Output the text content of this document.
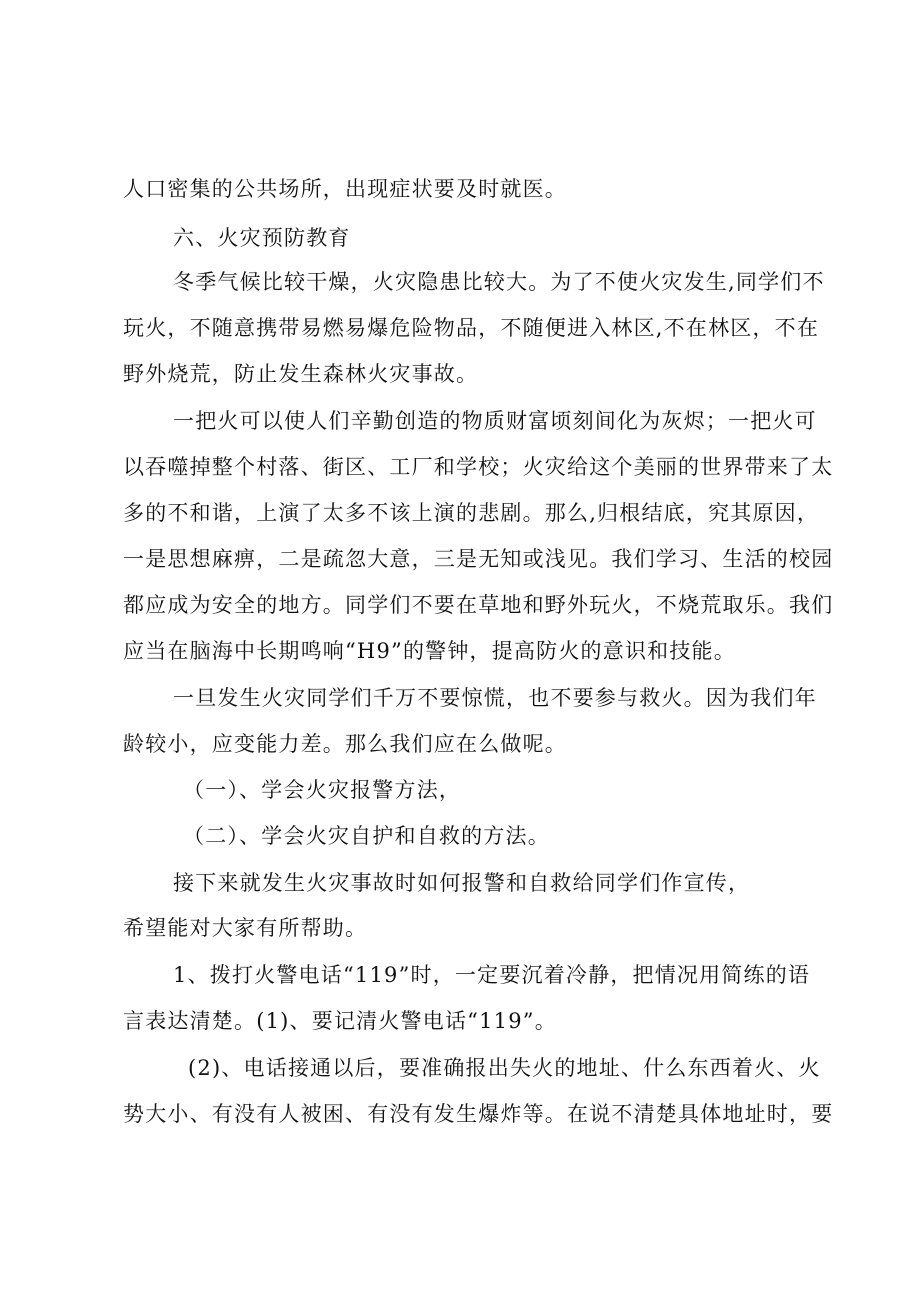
人口密集的公共场所，出现症状要及时就医。
六、火灾预防教育
冬季气候比较干燥，火灾隐患比较大。为了不使火灾发生,同学们不
玩火，不随意携带易燃易爆危险物品，不随便进入林区,不在林区，不在
野外烧荒，防止发生森林火灾事故。
一把火可以使人们辛勤创造的物质财富顷刻间化为灰烬；一把火可
以吞噬掉整个村落、街区、工厂和学校；火灾给这个美丽的世界带来了太
多的不和谐，上演了太多不该上演的悲剧。那么,归根结底，究其原因，
一是思想麻痹，二是疏忽大意，三是无知或浅见。我们学习、生活的校园
都应成为安全的地方。同学们不要在草地和野外玩火，不烧荒取乐。我们
应当在脑海中长期鸣响“H9”的警钟，提高防火的意识和技能。
一旦发生火灾同学们千万不要惊慌，也不要参与救火。因为我们年
龄较小，应变能力差。那么我们应在么做呢。
（一）、学会火灾报警方法，
（二）、学会火灾自护和自救的方法。
接下来就发生火灾事故时如何报警和自救给同学们作宣传，
希望能对大家有所帮助。
1、拨打火警电话“119”时，一定要沉着冷静，把情况用简练的语
言表达清楚。(1)、要记清火警电话“119”。
(2)、电话接通以后，要准确报出失火的地址、什么东西着火、火
势大小、有没有人被困、有没有发生爆炸等。在说不清楚具体地址时，要
